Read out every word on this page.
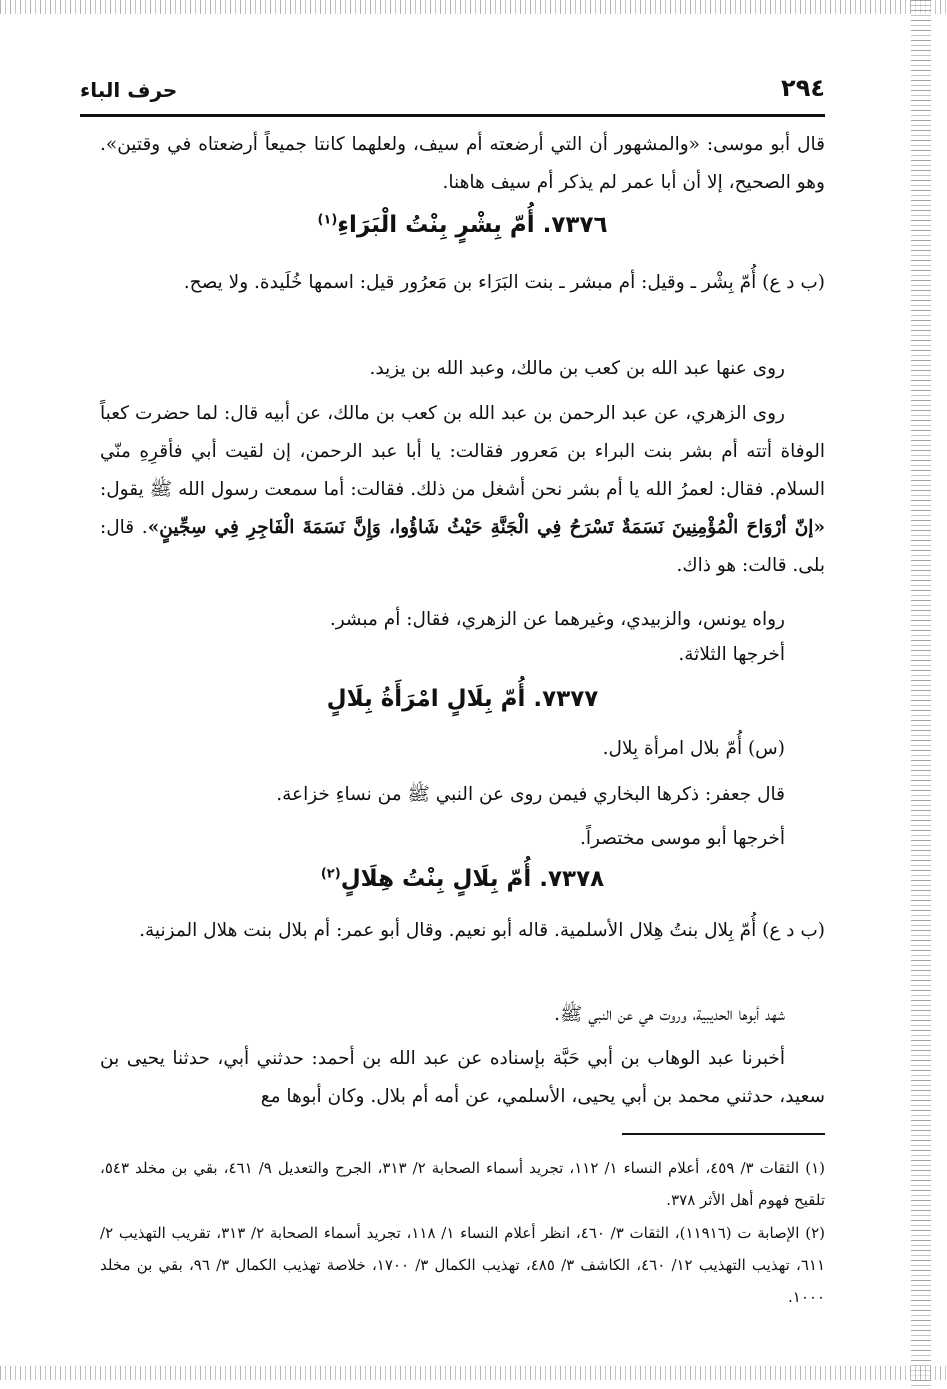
حرف الباء	٢٩٤
قال أبو موسى: «والمشهور أن التي أرضعته أم سيف، ولعلهما كانتا جميعاً أرضعتاه في وقتين». وهو الصحيح، إلا أن أبا عمر لم يذكر أم سيف هاهنا.
٧٣٧٦. أُمّ بِشْرٍ بِنْتُ الْبَرَاءِ$^{(١)}$
(ب د ع) أُمّ بِشْر ـ وقيل: أم مبشر ـ بنت البَرَاء بن مَعرُور قيل: اسمها خُلَيدة. ولا يصح.
روى عنها عبد الله بن كعب بن مالك، وعبد الله بن يزيد.
روى الزهري، عن عبد الرحمن بن عبد الله بن كعب بن مالك، عن أبيه قال: لما حضرت كعباً الوفاة أتته أم بشر بنت البراء بن مَعرور فقالت: يا أبا عبد الرحمن، إن لقيت أبي فأقرِهِ منّي السلام. فقال: لعمرُ الله يا أم بشر نحن أشغل من ذلك. فقالت: أما سمعت رسول الله ﷺ يقول: «إنّ أرْوَاحَ الْمُؤْمِنِينَ نَسَمَةٌ تَسْرَحُ فِي الْجَنَّةِ حَيْثُ شَاؤُوا، وَإِنَّ نَسَمَةَ الْفَاجِرِ فِي سِجِّينٍ». قال: بلى. قالت: هو ذاك.
رواه يونس، والزبيدي، وغيرهما عن الزهري، فقال: أم مبشر.
أخرجها الثلاثة.
٧٣٧٧. أُمّ بِلَالٍ امْرَأَةُ بِلَالٍ
(س) أُمّ بلال امرأة بِلال.
قال جعفر: ذكرها البخاري فيمن روى عن النبي ﷺ من نساءِ خزاعة.
أخرجها أبو موسى مختصراً.
٧٣٧٨. أُمّ بِلَالٍ بِنْتُ هِلَالٍ$^{(٢)}$
(ب د ع) أُمّ بِلال بنتُ هِلال الأسلمية. قاله أبو نعيم. وقال أبو عمر: أم بلال بنت هلال المزنية.
شهد أبوها الحديبية، وروت هي عن النبي ﷺ.
أخبرنا عبد الوهاب بن أبي حَبَّة بإسناده عن عبد الله بن أحمد: حدثني أبي، حدثنا يحيى بن سعيد، حدثني محمد بن أبي يحيى، الأسلمي، عن أمه أم بلال. وكان أبوها مع
(١) الثقات ٣/ ٤٥٩، أعلام النساء ١/ ١١٢، تجريد أسماء الصحابة ٢/ ٣١٣، الجرح والتعديل ٩/ ٤٦١، بقي بن مخلد ٥٤٣، تلقيح فهوم أهل الأثر ٣٧٨.
(٢) الإصابة ت (١١٩١٦)، الثقات ٣/ ٤٦٠، انظر أعلام النساء ١/ ١١٨، تجريد أسماء الصحابة ٢/ ٣١٣، تقريب التهذيب ٢/ ٦١١، تهذيب التهذيب ١٢/ ٤٦٠، الكاشف ٣/ ٤٨٥، تهذيب الكمال ٣/ ١٧٠٠، خلاصة تهذيب الكمال ٣/ ٩٦، بقي بن مخلد ١٠٠٠.
